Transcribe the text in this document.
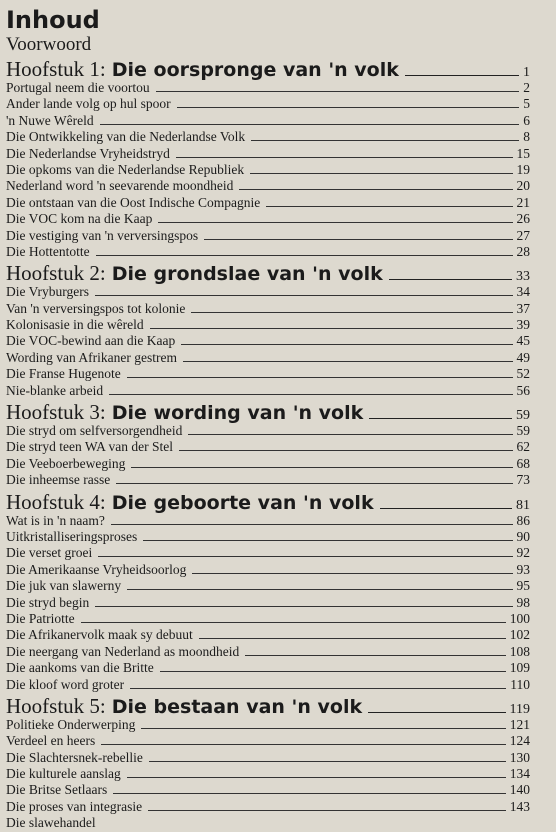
Inhoud
Voorwoord
Hoofstuk 1: Die oorspronge van 'n volk	1
Portugal neem die voortou	2
Ander lande volg op hul spoor	5
'n Nuwe Wêreld	6
Die Ontwikkeling van die Nederlandse Volk	8
Die Nederlandse Vryheidstryd	15
Die opkoms van die Nederlandse Republiek	19
Nederland word 'n seevarende moondheid	20
Die ontstaan van die Oost Indische Compagnie	21
Die VOC kom na die Kaap	26
Die vestiging van 'n verversingspos	27
Die Hottentotte	28
Hoofstuk 2: Die grondslae van 'n volk	33
Die Vryburgers	34
Van 'n verversingspos tot kolonie	37
Kolonisasie in die wêreld	39
Die VOC-bewind aan die Kaap	45
Wording van Afrikaner gestrem	49
Die Franse Hugenote	52
Nie-blanke arbeid	56
Hoofstuk 3: Die wording van 'n volk	59
Die stryd om selfversorgendheid	59
Die stryd teen WA van der Stel	62
Die Veeboerbeweging	68
Die inheemse rasse	73
Hoofstuk 4: Die geboorte van 'n volk	81
Wat is in 'n naam?	86
Uitkristalliseringsproses	90
Die verset groei	92
Die Amerikaanse Vryheidsoorlog	93
Die juk van slawerny	95
Die stryd begin	98
Die Patriotte	100
Die Afrikanervolk maak sy debuut	102
Die neergang van Nederland as moondheid	108
Die aankoms van die Britte	109
Die kloof word groter	110
Hoofstuk 5: Die bestaan van 'n volk	119
Politieke Onderwerping	121
Verdeel en heers	124
Die Slachtersnek-rebellie	130
Die kulturele aanslag	134
Die Britse Setlaars	140
Die proses van integrasie	143
Die slawehandel
